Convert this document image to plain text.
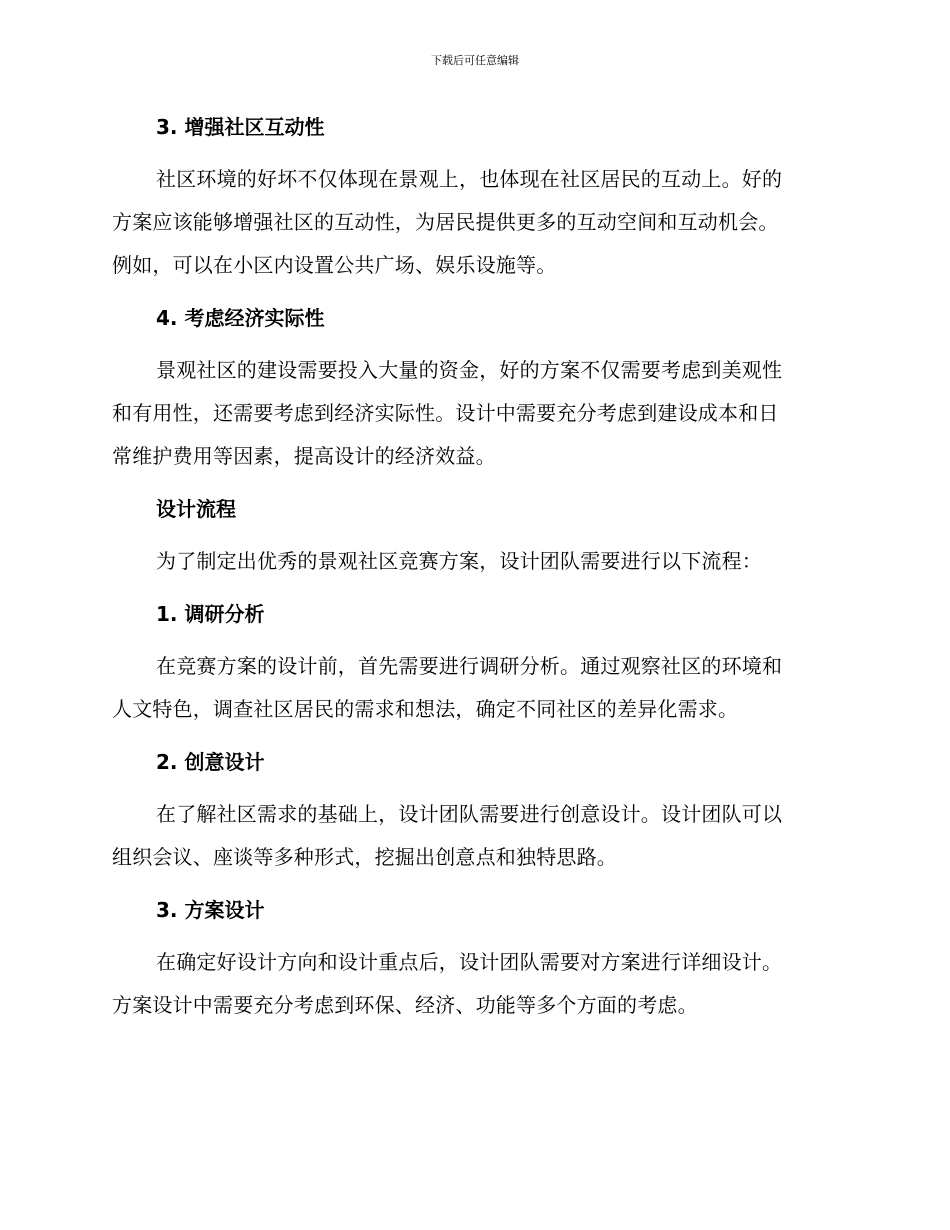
下载后可任意编辑
3. 增强社区互动性
社区环境的好坏不仅体现在景观上，也体现在社区居民的互动上。好的
方案应该能够增强社区的互动性，为居民提供更多的互动空间和互动机会。
例如，可以在小区内设置公共广场、娱乐设施等。
4. 考虑经济实际性
景观社区的建设需要投入大量的资金，好的方案不仅需要考虑到美观性
和有用性，还需要考虑到经济实际性。设计中需要充分考虑到建设成本和日
常维护费用等因素，提高设计的经济效益。
设计流程
为了制定出优秀的景观社区竞赛方案，设计团队需要进行以下流程：
1. 调研分析
在竞赛方案的设计前，首先需要进行调研分析。通过观察社区的环境和
人文特色，调查社区居民的需求和想法，确定不同社区的差异化需求。
2. 创意设计
在了解社区需求的基础上，设计团队需要进行创意设计。设计团队可以
组织会议、座谈等多种形式，挖掘出创意点和独特思路。
3. 方案设计
在确定好设计方向和设计重点后，设计团队需要对方案进行详细设计。
方案设计中需要充分考虑到环保、经济、功能等多个方面的考虑。
